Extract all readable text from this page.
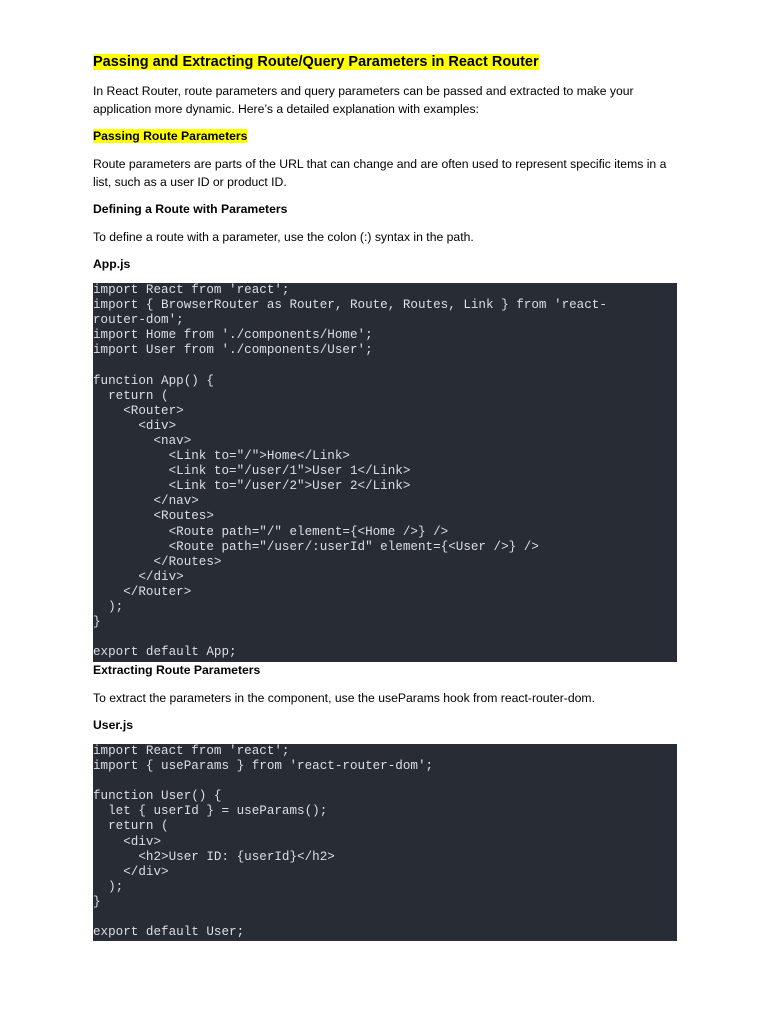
Passing and Extracting Route/Query Parameters in React Router

In React Router, route parameters and query parameters can be passed and extracted to make your application more dynamic. Here’s a detailed explanation with examples:

Passing Route Parameters

Route parameters are parts of the URL that can change and are often used to represent specific items in a list, such as a user ID or product ID.

Defining a Route with Parameters

To define a route with a parameter, use the colon (:) syntax in the path.

App.js
import React from 'react';
import { BrowserRouter as Router, Route, Routes, Link } from 'react-
router-dom';
import Home from './components/Home';
import User from './components/User';
function App() {
return (
<Router>
<div>
<nav>
<Link to="/">Home</Link>
<Link to="/user/1">User 1</Link>
<Link to="/user/2">User 2</Link>
</nav>
<Routes>
<Route path="/" element={<Home />} />
<Route path="/user/:userId" element={<User />} />
</Routes>
</div>
</Router>
);
}
export default App;
Extracting Route Parameters

To extract the parameters in the component, use the useParams hook from react-router-dom.

User.js
import React from 'react';
import { useParams } from 'react-router-dom';
function User() {
let { userId } = useParams();
return (
<div>
<h2>User ID: {userId}</h2>
</div>
);
}
export default User;
